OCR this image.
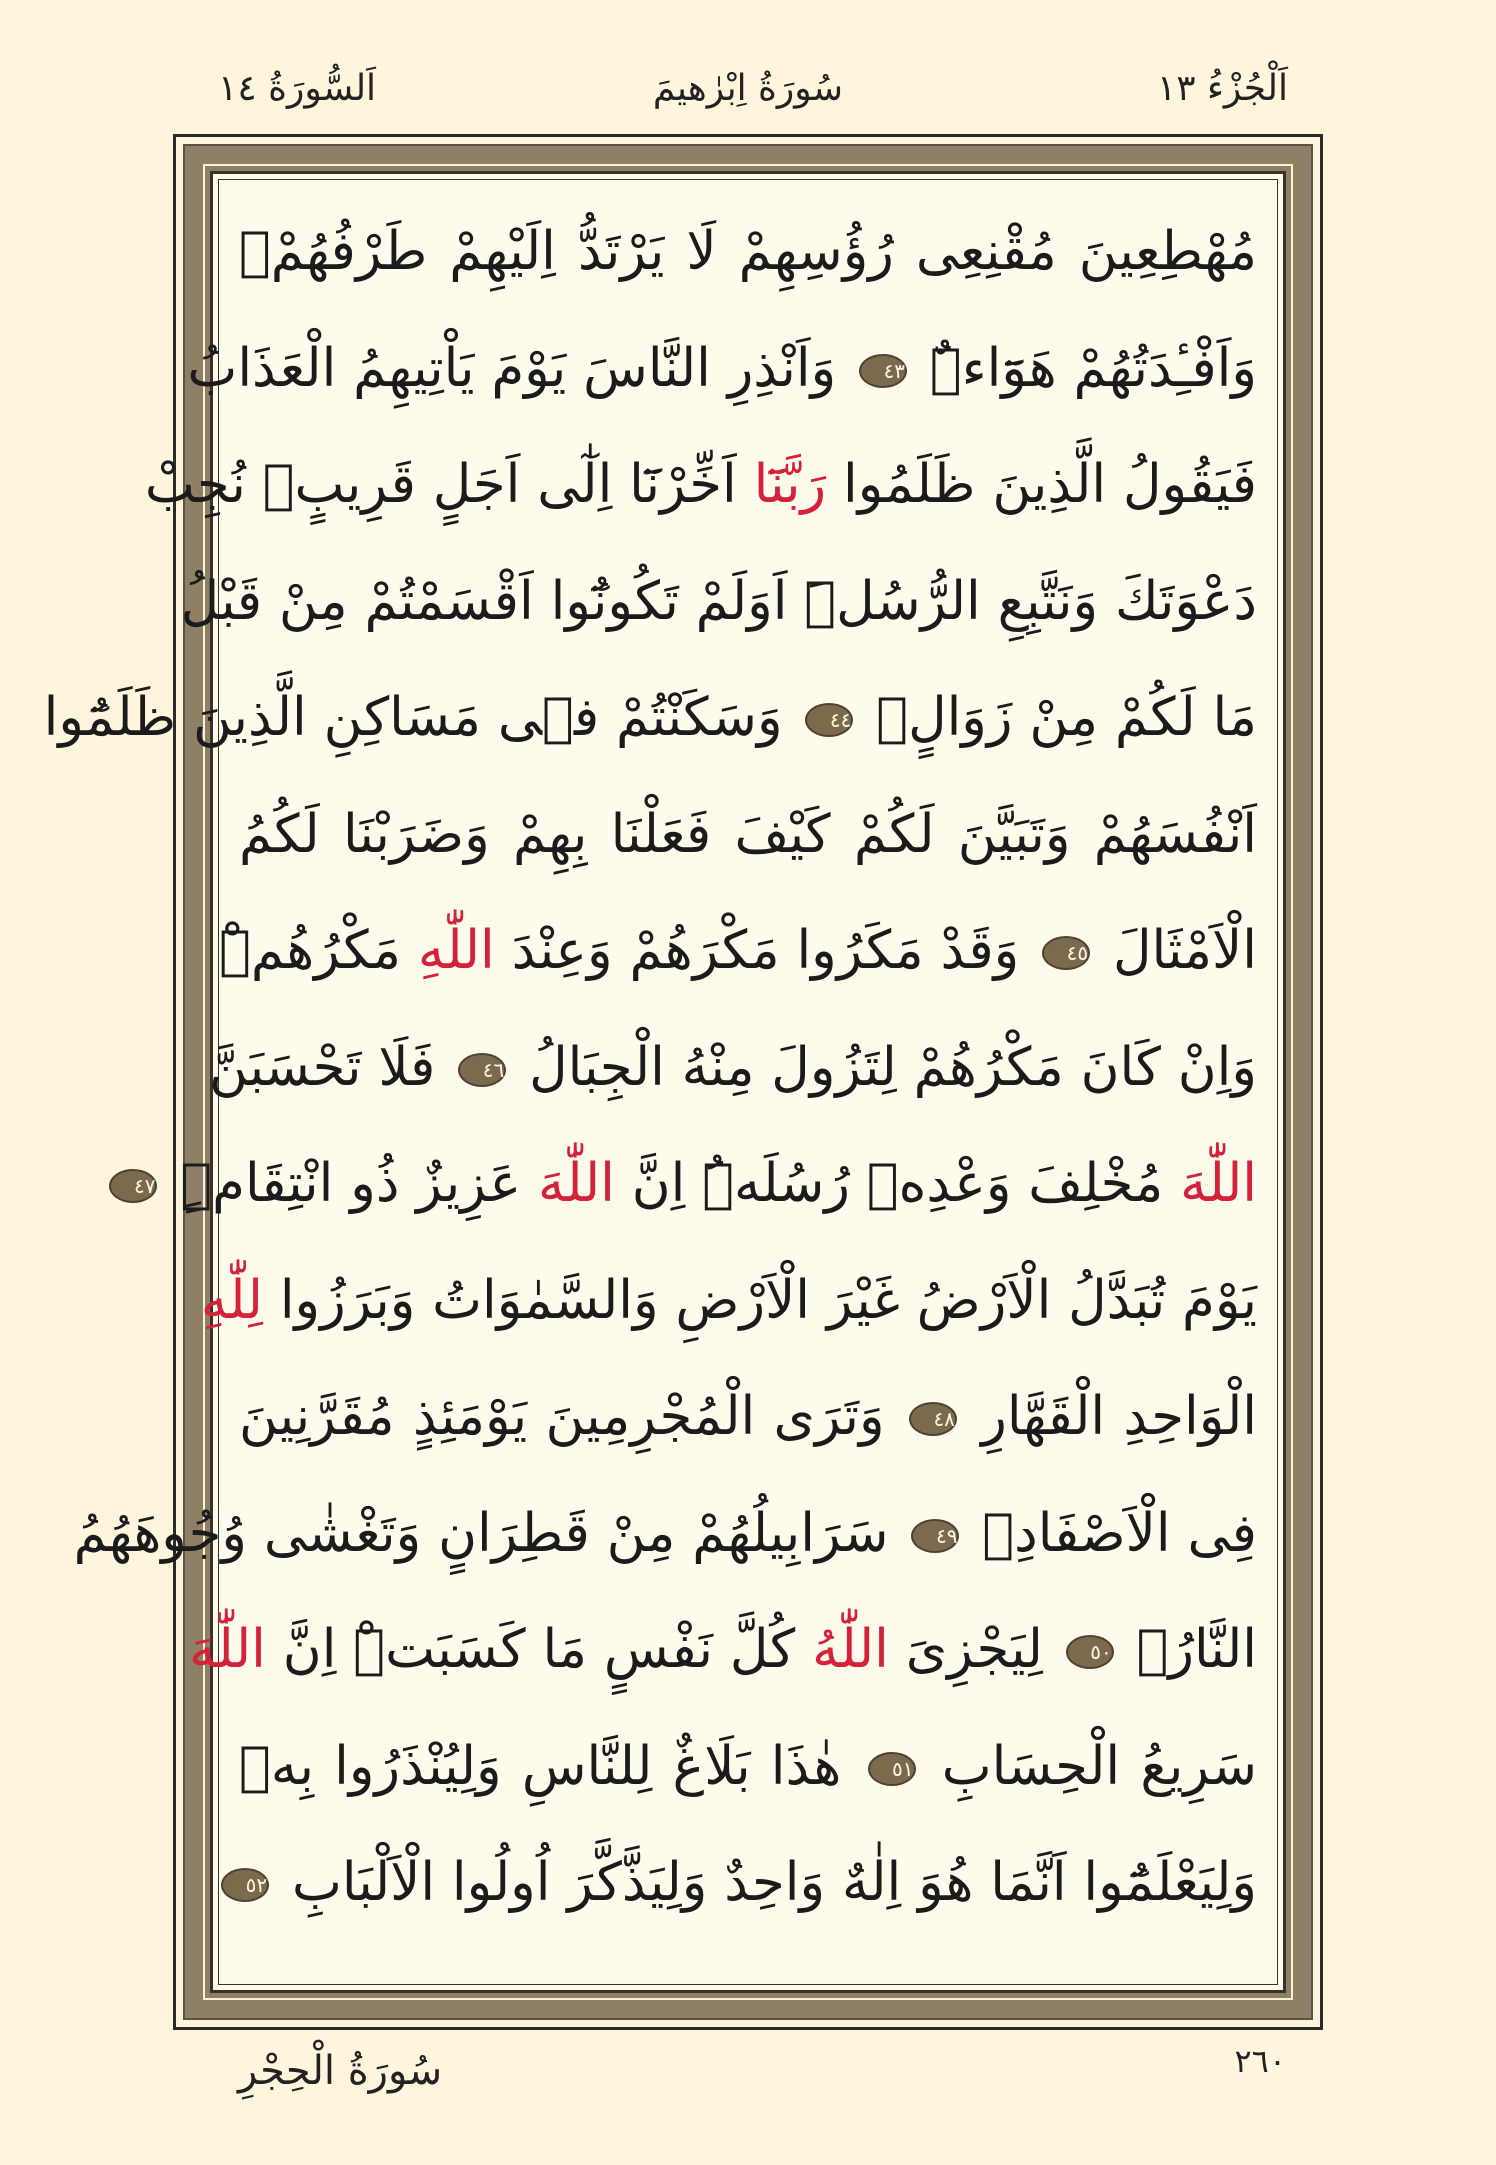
اَلْجُزْءُ ١٣
سُورَةُ اِبْرٰهيمَ
اَلسُّورَةُ ١٤
مُهْطِعِينَ مُقْنِعِى رُؤُسِهِمْ لَا يَرْتَدُّ اِلَيْهِمْ طَرْفُهُمْۚ
وَاَفْـِٔدَتُهُمْ هَوَٓاءٌۜ ٤٣ وَاَنْذِرِ النَّاسَ يَوْمَ يَاْتِيهِمُ الْعَذَابُ
فَيَقُولُ الَّذِينَ ظَلَمُوا رَبَّنَٓا اَخِّرْنَٓا اِلٰٓى اَجَلٍ قَرِيبٍۙ نُجِبْ
دَعْوَتَكَ وَنَتَّبِعِ الرُّسُلَۜ اَوَلَمْ تَكُونُٓوا اَقْسَمْتُمْ مِنْ قَبْلُ
مَا لَكُمْ مِنْ زَوَالٍۙ ٤٤ وَسَكَنْتُمْ فٖى مَسَاكِنِ الَّذِينَ ظَلَمُٓوا
اَنْفُسَهُمْ وَتَبَيَّنَ لَكُمْ كَيْفَ فَعَلْنَا بِهِمْ وَضَرَبْنَا لَكُمُ
الْاَمْثَالَ ٤٥ وَقَدْ مَكَرُوا مَكْرَهُمْ وَعِنْدَ اللّٰهِ مَكْرُهُمْۜ
وَاِنْ كَانَ مَكْرُهُمْ لِتَزُولَ مِنْهُ الْجِبَالُ ٤٦ فَلَا تَحْسَبَنَّ
اللّٰهَ مُخْلِفَ وَعْدِهٖ رُسُلَهُۜ اِنَّ اللّٰهَ عَزِيزٌ ذُو انْتِقَامٍۜ ٤٧
يَوْمَ تُبَدَّلُ الْاَرْضُ غَيْرَ الْاَرْضِ وَالسَّمٰوَاتُ وَبَرَزُوا لِلّٰهِ
الْوَاحِدِ الْقَهَّارِ ٤٨ وَتَرَى الْمُجْرِمِينَ يَوْمَئِذٍ مُقَرَّنِينَ
فِى الْاَصْفَادِۚ ٤٩ سَرَابِيلُهُمْ مِنْ قَطِرَانٍ وَتَغْشٰى وُجُوهَهُمُ
النَّارُۙ ٥٠ لِيَجْزِىَ اللّٰهُ كُلَّ نَفْسٍ مَا كَسَبَتْۜ اِنَّ اللّٰهَ
سَرِيعُ الْحِسَابِ ٥١ هٰذَا بَلَاغٌ لِلنَّاسِ وَلِيُنْذَرُوا بِهٖ
وَلِيَعْلَمُٓوا اَنَّمَا هُوَ اِلٰهٌ وَاحِدٌ وَلِيَذَّكَّرَ اُولُوا الْاَلْبَابِ ٥٢
٢٦٠
سُورَةُ الْحِجْرِ
